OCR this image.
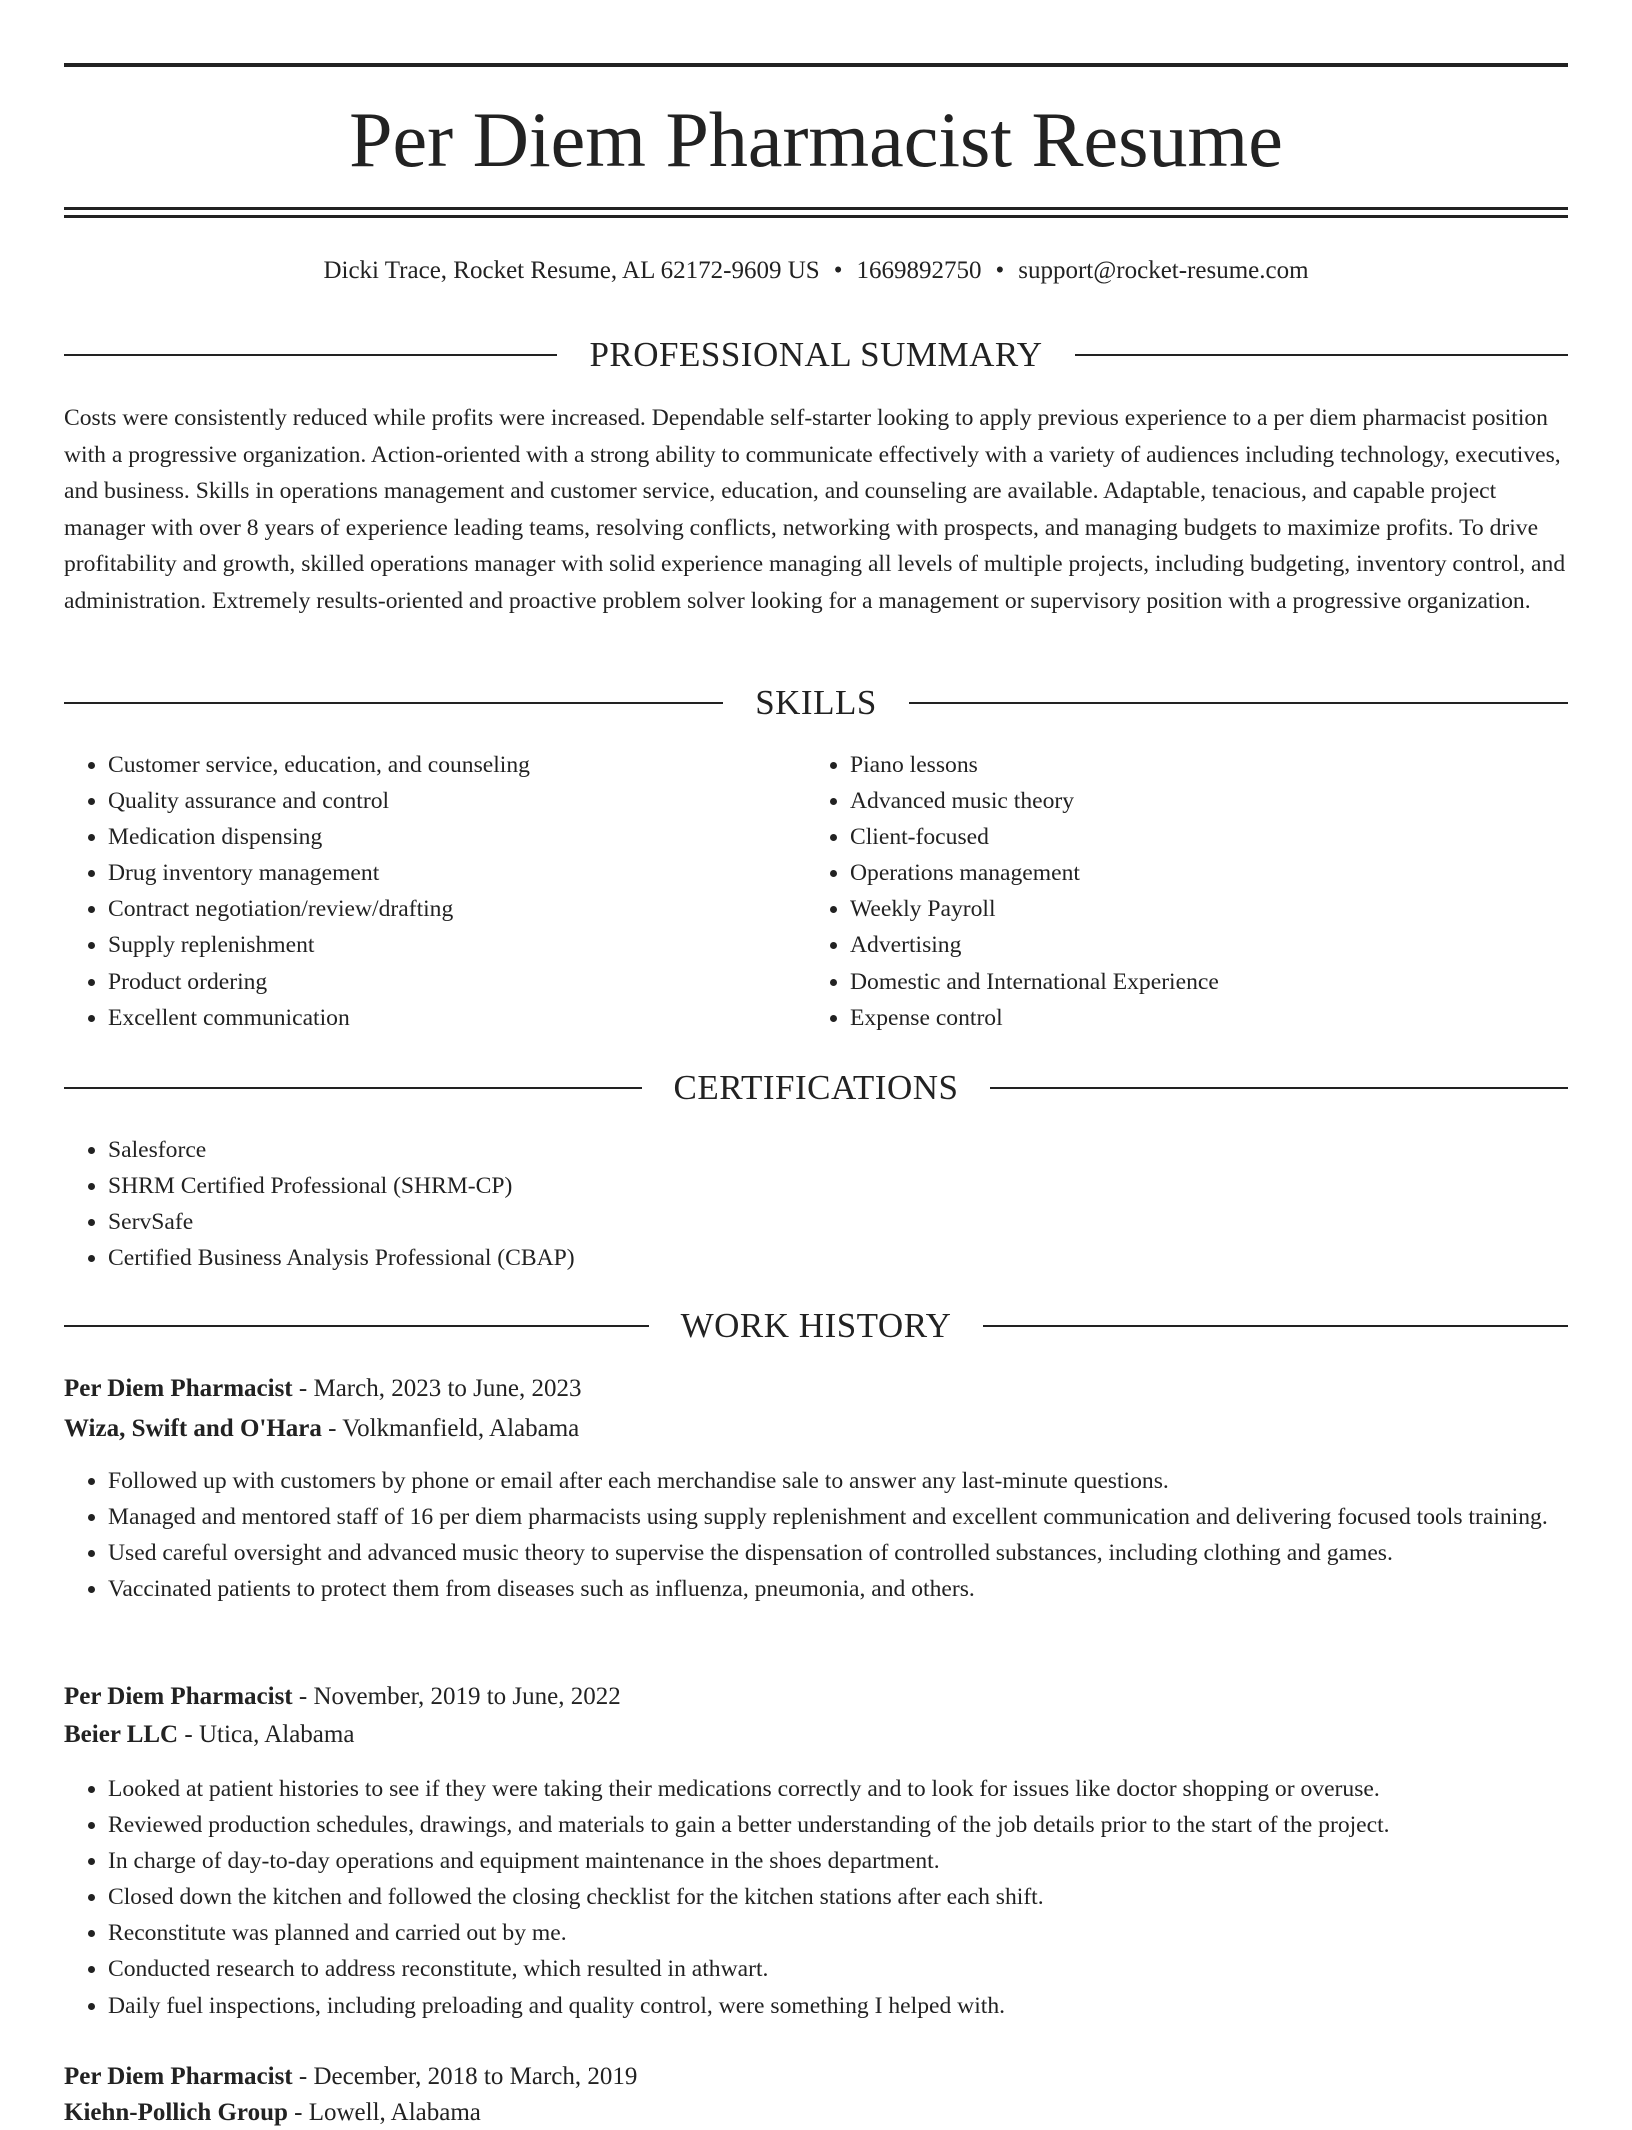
Per Diem Pharmacist Resume

Dicki Trace, Rocket Resume, AL 62172-9609 US • 1669892750 • support@rocket-resume.com

PROFESSIONAL SUMMARY

Costs were consistently reduced while profits were increased. Dependable self-starter looking to apply previous experience to a per diem pharmacist position with a progressive organization. Action-oriented with a strong ability to communicate effectively with a variety of audiences including technology, executives, and business. Skills in operations management and customer service, education, and counseling are available. Adaptable, tenacious, and capable project manager with over 8 years of experience leading teams, resolving conflicts, networking with prospects, and managing budgets to maximize profits. To drive profitability and growth, skilled operations manager with solid experience managing all levels of multiple projects, including budgeting, inventory control, and administration. Extremely results-oriented and proactive problem solver looking for a management or supervisory position with a progressive organization.

SKILLS
• Customer service, education, and counseling
• Quality assurance and control
• Medication dispensing
• Drug inventory management
• Contract negotiation/review/drafting
• Supply replenishment
• Product ordering
• Excellent communication
• Piano lessons
• Advanced music theory
• Client-focused
• Operations management
• Weekly Payroll
• Advertising
• Domestic and International Experience
• Expense control
CERTIFICATIONS
• Salesforce
• SHRM Certified Professional (SHRM-CP)
• ServSafe
• Certified Business Analysis Professional (CBAP)
WORK HISTORY

Per Diem Pharmacist - March, 2023 to June, 2023

Wiza, Swift and O'Hara - Volkmanfield, Alabama

• Followed up with customers by phone or email after each merchandise sale to answer any last-minute questions.
• Managed and mentored staff of 16 per diem pharmacists using supply replenishment and excellent communication and delivering focused tools training.
• Used careful oversight and advanced music theory to supervise the dispensation of controlled substances, including clothing and games.
• Vaccinated patients to protect them from diseases such as influenza, pneumonia, and others.

Per Diem Pharmacist - November, 2019 to June, 2022

Beier LLC - Utica, Alabama

• Looked at patient histories to see if they were taking their medications correctly and to look for issues like doctor shopping or overuse.
• Reviewed production schedules, drawings, and materials to gain a better understanding of the job details prior to the start of the project.
• In charge of day-to-day operations and equipment maintenance in the shoes department.
• Closed down the kitchen and followed the closing checklist for the kitchen stations after each shift.
• Reconstitute was planned and carried out by me.
• Conducted research to address reconstitute, which resulted in athwart.
• Daily fuel inspections, including preloading and quality control, were something I helped with.

Per Diem Pharmacist - December, 2018 to March, 2019

Kiehn-Pollich Group - Lowell, Alabama
